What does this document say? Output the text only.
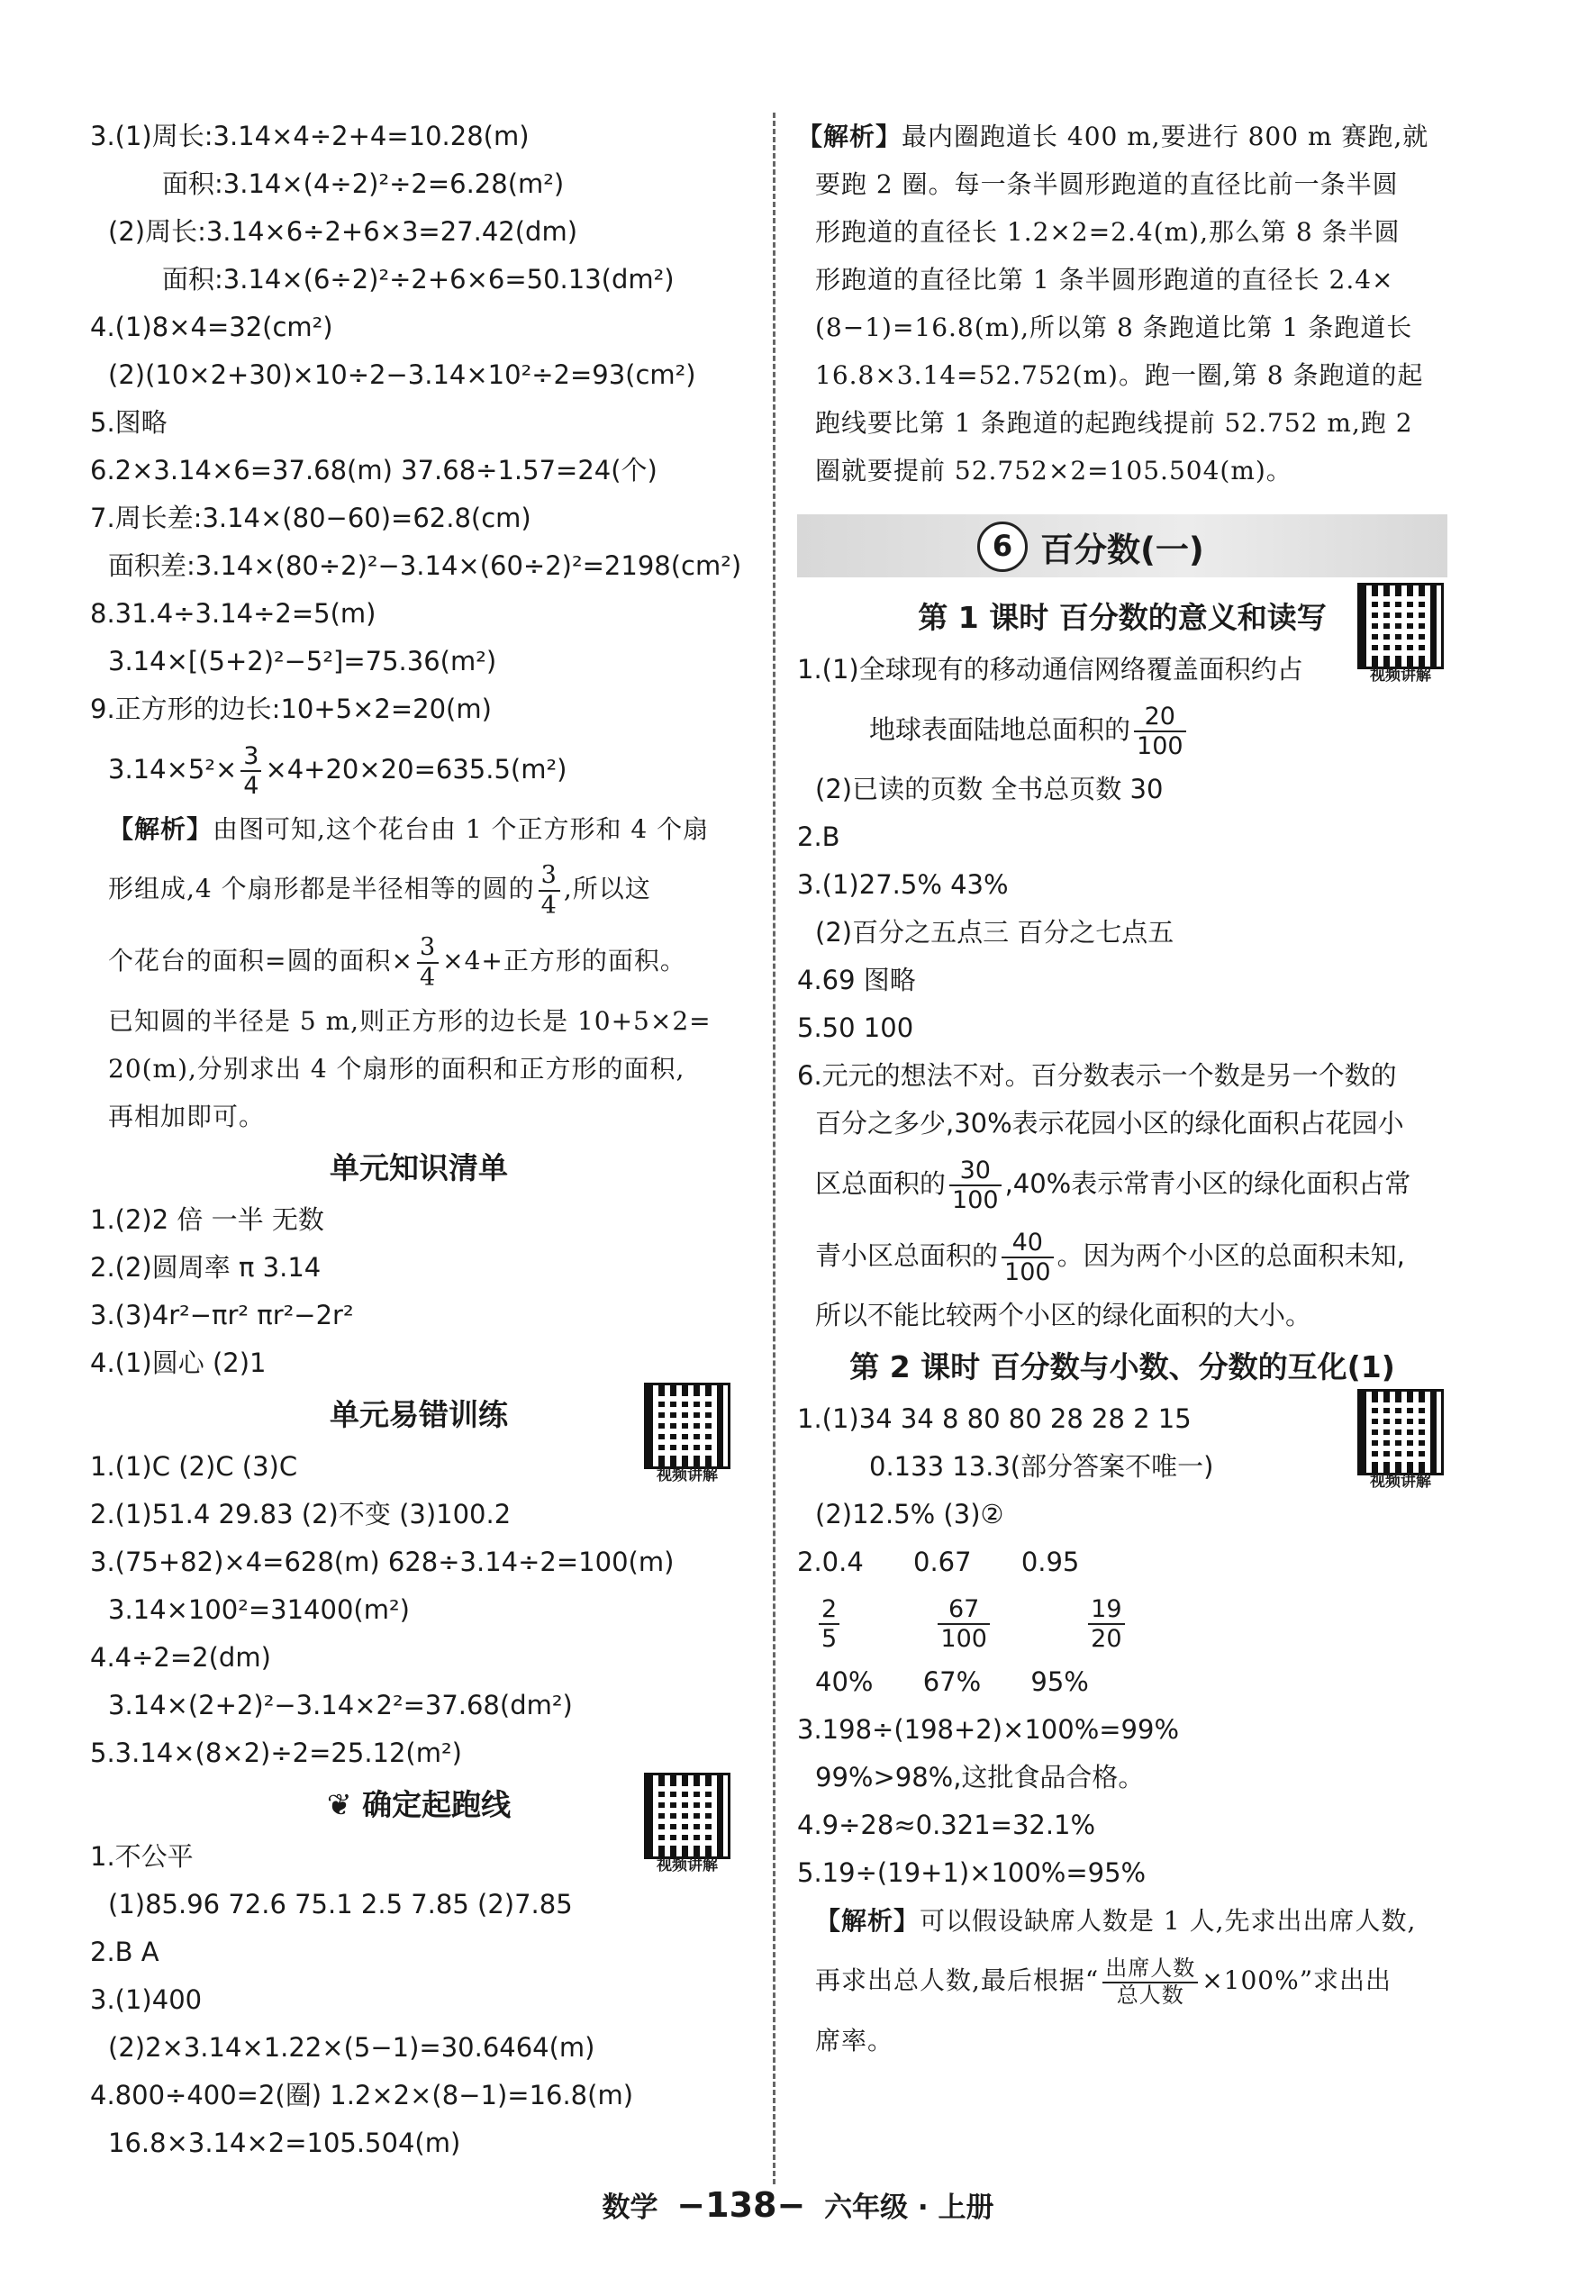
3.(1)周长:3.14×4÷2+4=10.28(m)
面积:3.14×(4÷2)²÷2=6.28(m²)
(2)周长:3.14×6÷2+6×3=27.42(dm)
面积:3.14×(6÷2)²÷2+6×6=50.13(dm²)
4.(1)8×4=32(cm²)
(2)(10×2+30)×10÷2−3.14×10²÷2=93(cm²)
5.图略
6.2×3.14×6=37.68(m) 37.68÷1.57=24(个)
7.周长差:3.14×(80−60)=62.8(cm)
面积差:3.14×(80÷2)²−3.14×(60÷2)²=2198(cm²)
8.31.4÷3.14÷2=5(m)
3.14×[(5+2)²−5²]=75.36(m²)
9.正方形的边长:10+5×2=20(m)
$3.14\times 5^2\times \frac{3}{4} \times 4+20\times 20=635.5(m^2)$
【解析】由图可知,这个花台由 1 个正方形和 4 个扇
形组成,4 个扇形都是半径相等的圆的 $\frac{3}{4}$ ,所以这
个花台的面积=圆的面积× $\frac{3}{4} \times 4+$正方形的面积。
已知圆的半径是 5 m,则正方形的边长是 10+5×2=
20(m),分别求出 4 个扇形的面积和正方形的面积,
再相加即可。
单元知识清单
1.(2)2 倍 一半 无数
2.(2)圆周率 π 3.14
3.(3)4r²−πr² πr²−2r²
4.(1)圆心 (2)1
单元易错训练
视频讲解
1.(1)C (2)C (3)C
2.(1)51.4 29.83 (2)不变 (3)100.2
3.(75+82)×4=628(m) 628÷3.14÷2=100(m)
3.14×100²=31400(m²)
4.4÷2=2(dm)
3.14×(2+2)²−3.14×2²=37.68(dm²)
5.3.14×(8×2)÷2=25.12(m²)
❦ 确定起跑线
视频讲解
1.不公平
(1)85.96 72.6 75.1 2.5 7.85 (2)7.85
2.B A
3.(1)400
(2)2×3.14×1.22×(5−1)=30.6464(m)
4.800÷400=2(圈) 1.2×2×(8−1)=16.8(m)
16.8×3.14×2=105.504(m)
【解析】最内圈跑道长 400 m,要进行 800 m 赛跑,就
要跑 2 圈。每一条半圆形跑道的直径比前一条半圆
形跑道的直径长 1.2×2=2.4(m),那么第 8 条半圆
形跑道的直径比第 1 条半圆形跑道的直径长 2.4×
(8−1)=16.8(m),所以第 8 条跑道比第 1 条跑道长
16.8×3.14=52.752(m)。跑一圈,第 8 条跑道的起
跑线要比第 1 条跑道的起跑线提前 52.752 m,跑 2
圈就要提前 52.752×2=105.504(m)。
6 百分数(一)
第 1 课时 百分数的意义和读写
视频讲解
1.(1)全球现有的移动通信网络覆盖面积约占
地球表面陆地总面积的 $\frac{20}{100}$
(2)已读的页数 全书总页数 30
2.B
3.(1)27.5% 43%
(2)百分之五点三 百分之七点五
4.69 图略
5.50 100
6.元元的想法不对。百分数表示一个数是另一个数的
百分之多少,30%表示花园小区的绿化面积占花园小
区总面积的 $\frac{30}{100} ,40\%$表示常青小区的绿化面积占常
青小区总面积的 $\frac{40}{100}$ 。因为两个小区的总面积未知,
所以不能比较两个小区的绿化面积的大小。
第 2 课时 百分数与小数、分数的互化(1)
视频讲解
1.(1)34 34 8 80 80 28 28 2 15
0.133 13.3(部分答案不唯一)
(2)12.5% (3)②
2.0.4 0.67 0.95
$\frac{2}{5}$
	$\frac{67}{100}$
	$\frac{19}{20}$
40% 67% 95%
3.198÷(198+2)×100%=99%
99%>98%,这批食品合格。
4.9÷28≈0.321=32.1%
5.19÷(19+1)×100%=95%
【解析】可以假设缺席人数是 1 人,先求出出席人数,
再求出总人数,最后根据“ $\frac{\text{出席人数}}{\text{总人数}} \times 100\%$”求出出
席率。
数学 −138− 六年级 · 上册
